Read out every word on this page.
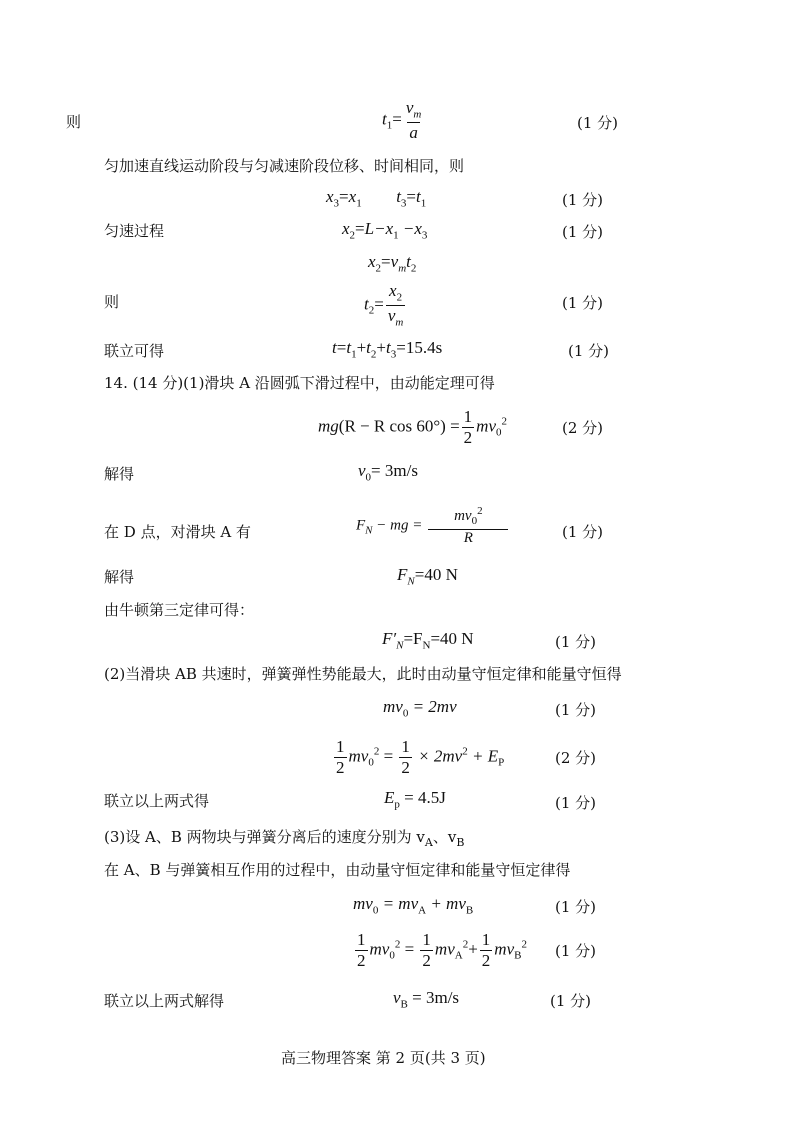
则	$t_1= \frac{v_m}{a}$	(1 分)
匀加速直线运动阶段与匀减速阶段位移、时间相同，则
$x_3=x_1$ $t_3=t_1$	(1 分)
匀速过程	$x_2=L-x_1 -x_3$	(1 分)
$x_2=v_mt_2$
则	$t_2= \frac{x_2}{v_m}$	(1 分)
联立可得	$t=t_1+t_2+t_3=15.4s$	(1 分)
14. (14 分)(1)滑块 A 沿圆弧下滑过程中，由动能定理可得
mg(R − R $\cos 60^\circ) = \frac{1}{2} mv_0^2$	(2 分)
解得	$v_0= 3m/s$
在 D 点，对滑块 A 有	$F_N$ − mg = $\frac{mv_0^2}{R}$	(1 分)
解得	$F_N=40$ N
由牛顿第三定律可得：
$F'_N=F_N=40$ N	(1 分)
(2)当滑块 AB 共速时，弹簧弹性势能最大，此时由动量守恒定律和能量守恒得
$mv_0 = 2mv$	(1 分)
$\frac{1}{2} mv_0^2 = \frac{1}{2} \times 2mv^2 + E_P$	(2 分)
联立以上两式得	$E_p = 4.5J$	(1 分)
(3)设 A、B 两物块与弹簧分离后的速度分别为 $v_A$、$v_B$
在 A、B 与弹簧相互作用的过程中，由动量守恒定律和能量守恒定律得
$mv_0 = mv_A + mv_B$	(1 分)
$\frac{1}{2} mv_0^2 = \frac{1}{2} mv_A^2+ \frac{1}{2} mv_B^2$ (1 分)
联立以上两式解得	$v_B = 3m/s$	(1 分)
高三物理答案 第 2 页(共 3 页)
